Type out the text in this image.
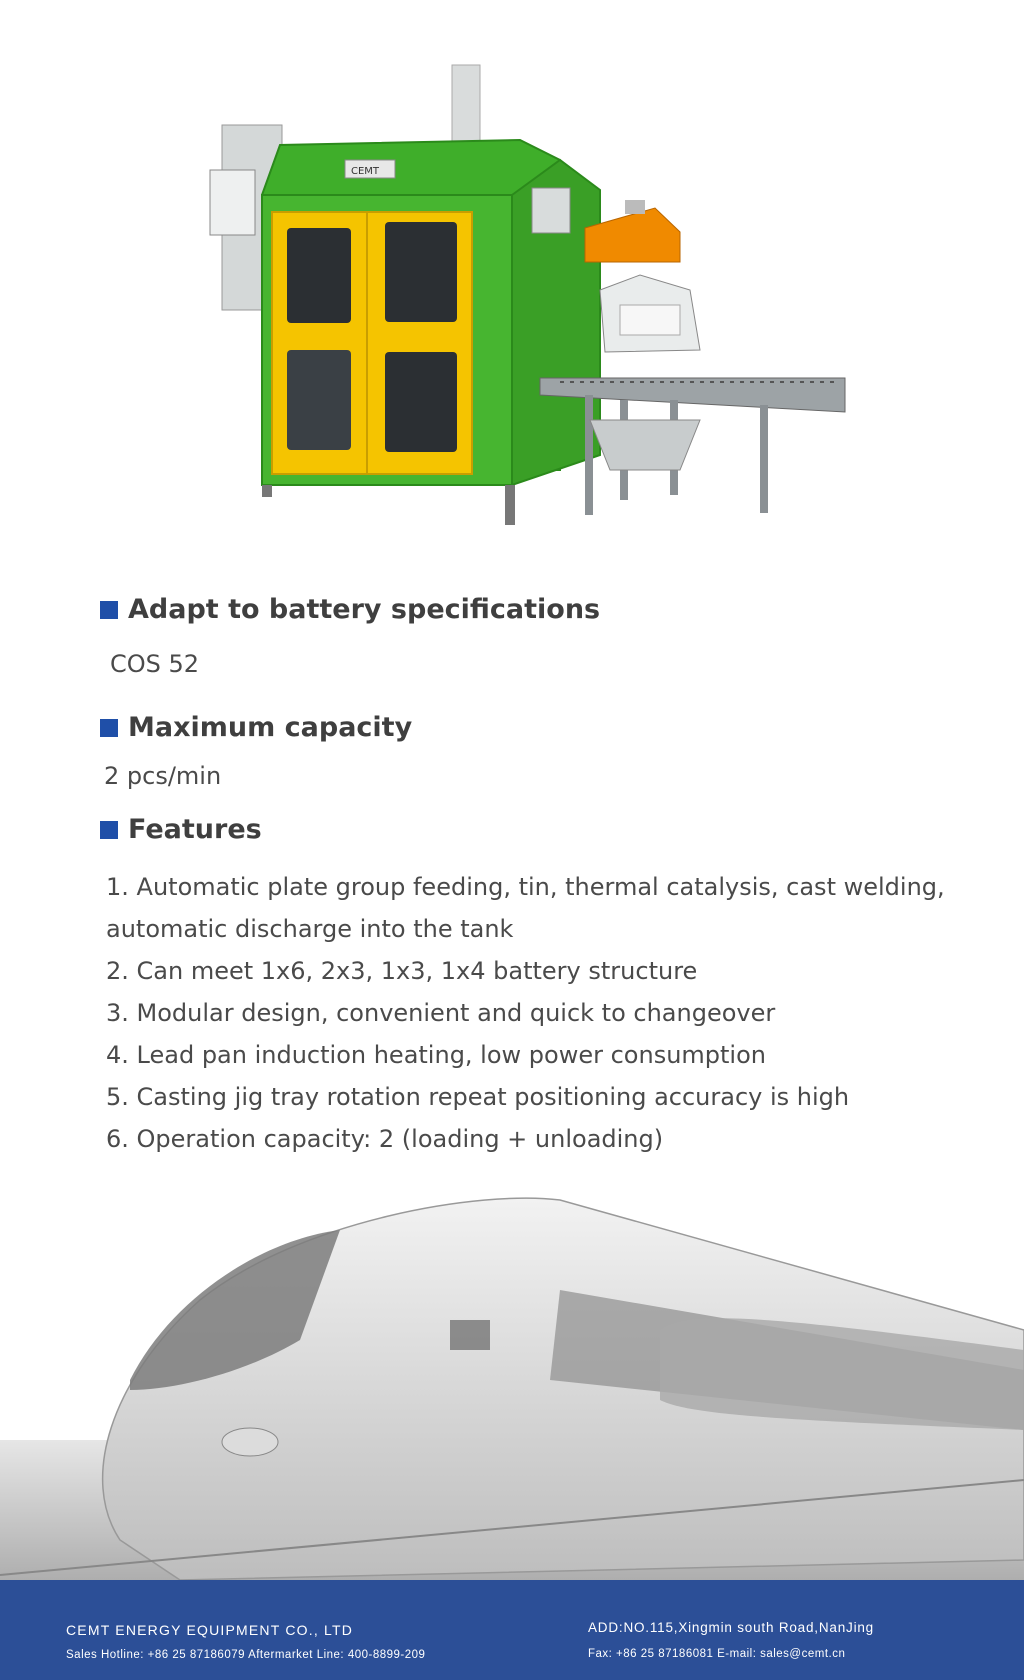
CEMT
Adapt to battery specifications
COS 52
Maximum capacity
2 pcs/min
Features
1. Automatic plate group feeding, tin, thermal catalysis, cast welding, automatic discharge into the tank
2. Can meet 1x6, 2x3, 1x3, 1x4 battery structure
3. Modular design, convenient and quick to changeover
4. Lead pan induction heating, low power consumption
5. Casting jig tray rotation repeat positioning accuracy is high
6. Operation capacity: 2 (loading + unloading)
CEMT ENERGY EQUIPMENT CO., LTD
Sales Hotline: +86 25 87186079 Aftermarket Line: 400-8899-209
ADD:NO.115,Xingmin south Road,NanJing
Fax: +86 25 87186081 E-mail: sales@cemt.cn
